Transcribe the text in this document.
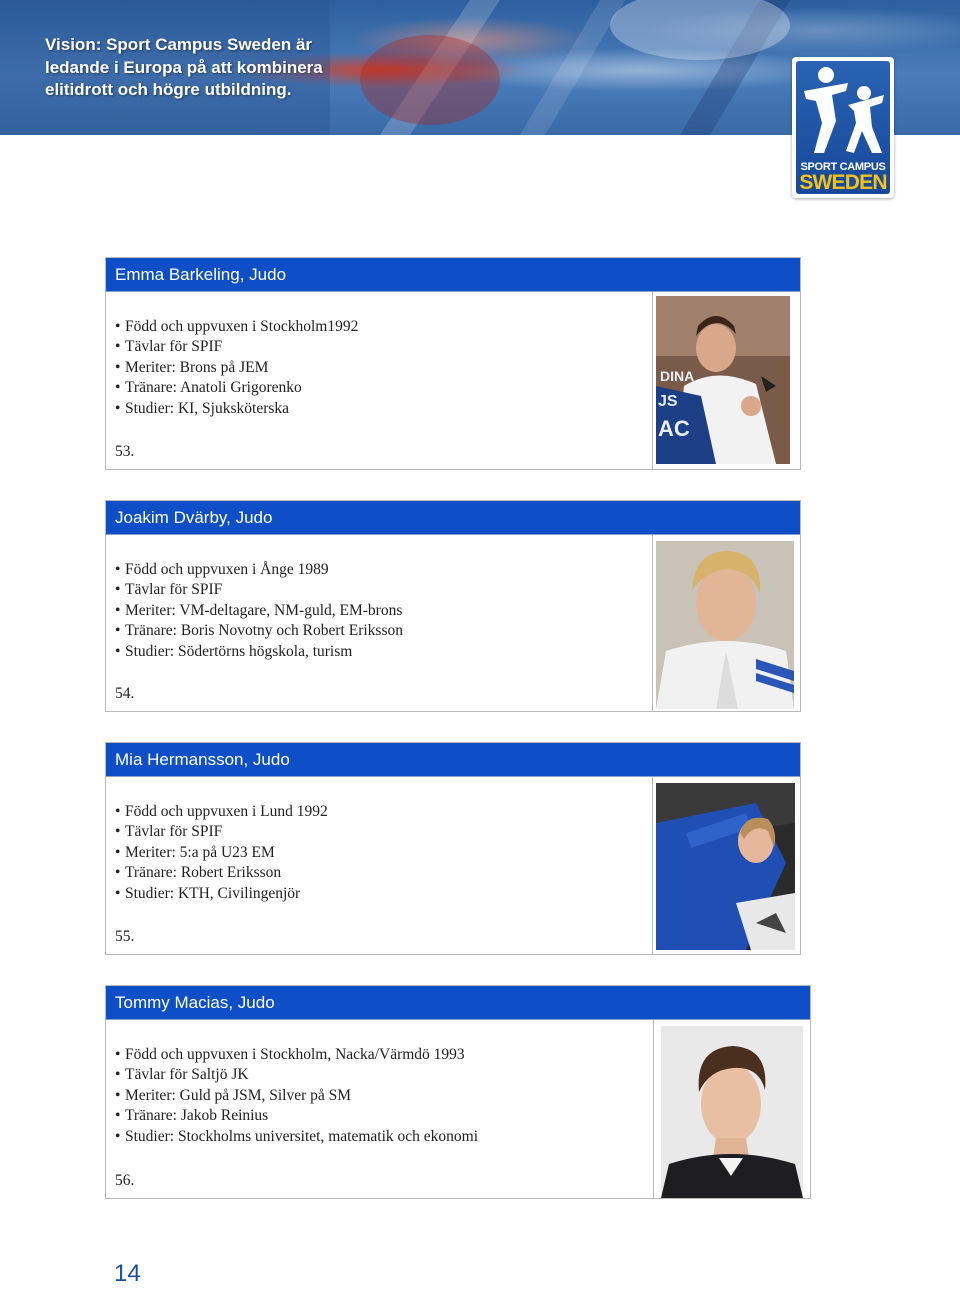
Vision: Sport Campus Sweden är
ledande i Europa på att kombinera
elitidrott och högre utbildning.
SPORT CAMPUS
SWEDEN
Emma Barkeling, Judo
• Född och uppvuxen i Stockholm1992
• Tävlar för SPIF
• Meriter: Brons på JEM
• Tränare: Anatoli Grigorenko
• Studier: KI, Sjuksköterska
53.
DINA
JS
AC
Joakim Dvärby, Judo
• Född och uppvuxen i Ånge 1989
• Tävlar för SPIF
• Meriter: VM-deltagare, NM-guld, EM-brons
• Tränare: Boris Novotny och Robert Eriksson
• Studier: Södertörns högskola, turism
54.
Mia Hermansson, Judo
• Född och uppvuxen i Lund 1992
• Tävlar för SPIF
• Meriter: 5:a på U23 EM
• Tränare: Robert Eriksson
• Studier: KTH, Civilingenjör
55.
Tommy Macias, Judo
• Född och uppvuxen i Stockholm, Nacka/Värmdö 1993
• Tävlar för Saltjö JK
• Meriter: Guld på JSM, Silver på SM
• Tränare: Jakob Reinius
• Studier: Stockholms universitet, matematik och ekonomi
56.
14
